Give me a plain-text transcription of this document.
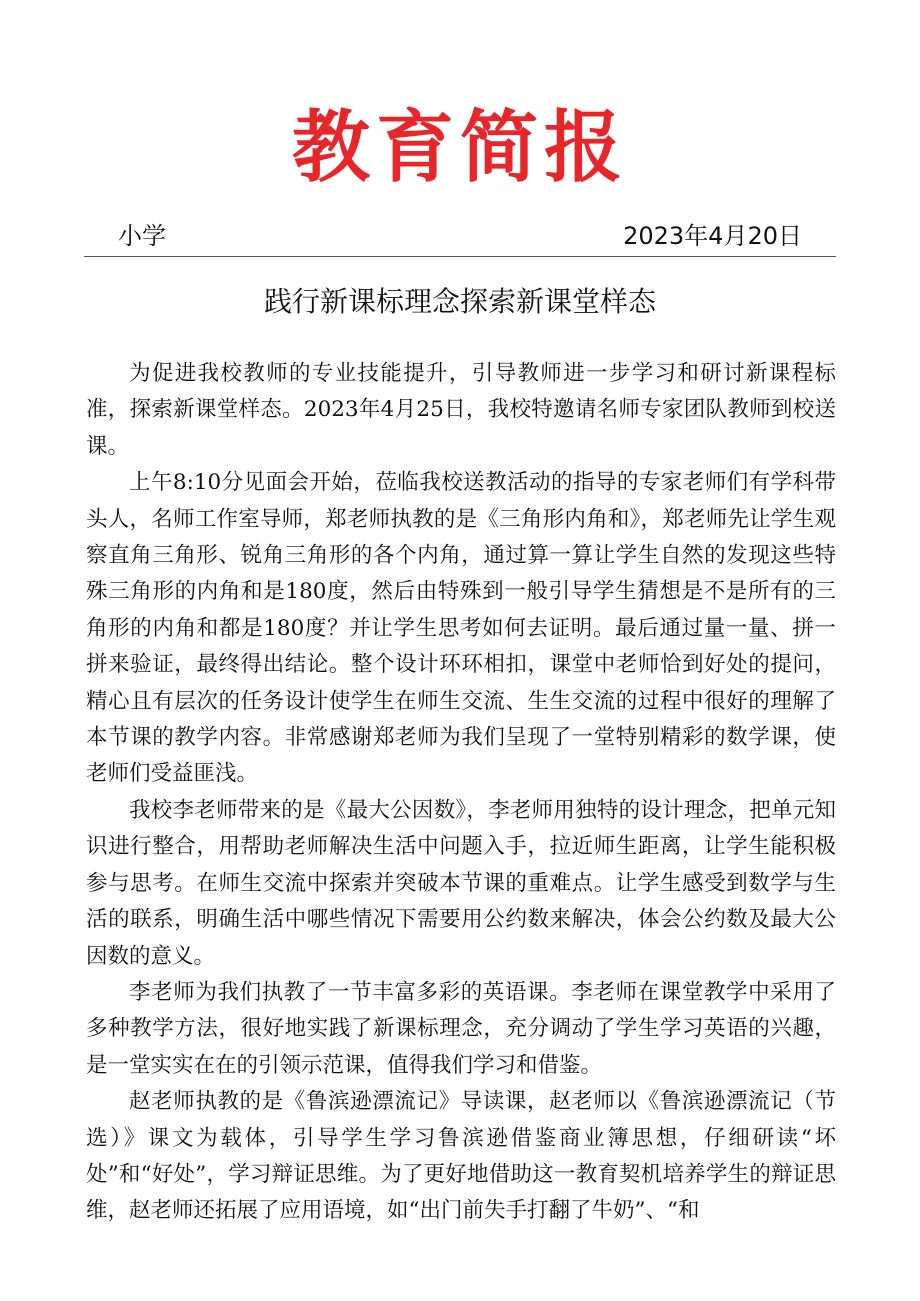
教育简报
小学	2023年4月20日
践行新课标理念探索新课堂样态

为促进我校教师的专业技能提升，引导教师进一步学习和研讨新课程标准，探索新课堂样态。2023年4月25日，我校特邀请名师专家团队教师到校送课。

上午8:10分见面会开始，莅临我校送教活动的指导的专家老师们有学科带头人，名师工作室导师，郑老师执教的是《三角形内角和》，郑老师先让学生观察直角三角形、锐角三角形的各个内角，通过算一算让学生自然的发现这些特殊三角形的内角和是180度，然后由特殊到一般引导学生猜想是不是所有的三角形的内角和都是180度？并让学生思考如何去证明。最后通过量一量、拼一拼来验证，最终得出结论。整个设计环环相扣，课堂中老师恰到好处的提问，精心且有层次的任务设计使学生在师生交流、生生交流的过程中很好的理解了本节课的教学内容。非常感谢郑老师为我们呈现了一堂特别精彩的数学课，使老师们受益匪浅。

我校李老师带来的是《最大公因数》，李老师用独特的设计理念，把单元知识进行整合，用帮助老师解决生活中问题入手，拉近师生距离，让学生能积极参与思考。在师生交流中探索并突破本节课的重难点。让学生感受到数学与生活的联系，明确生活中哪些情况下需要用公约数来解决，体会公约数及最大公因数的意义。

李老师为我们执教了一节丰富多彩的英语课。李老师在课堂教学中采用了多种教学方法，很好地实践了新课标理念，充分调动了学生学习英语的兴趣，是一堂实实在在的引领示范课，值得我们学习和借鉴。

赵老师执教的是《鲁滨逊漂流记》导读课，赵老师以《鲁滨逊漂流记（节选）》课文为载体，引导学生学习鲁滨逊借鉴商业簿思想，仔细研读“坏处”和“好处”，学习辩证思维。为了更好地借助这一教育契机培养学生的辩证思维，赵老师还拓展了应用语境，如“出门前失手打翻了牛奶”、“和
